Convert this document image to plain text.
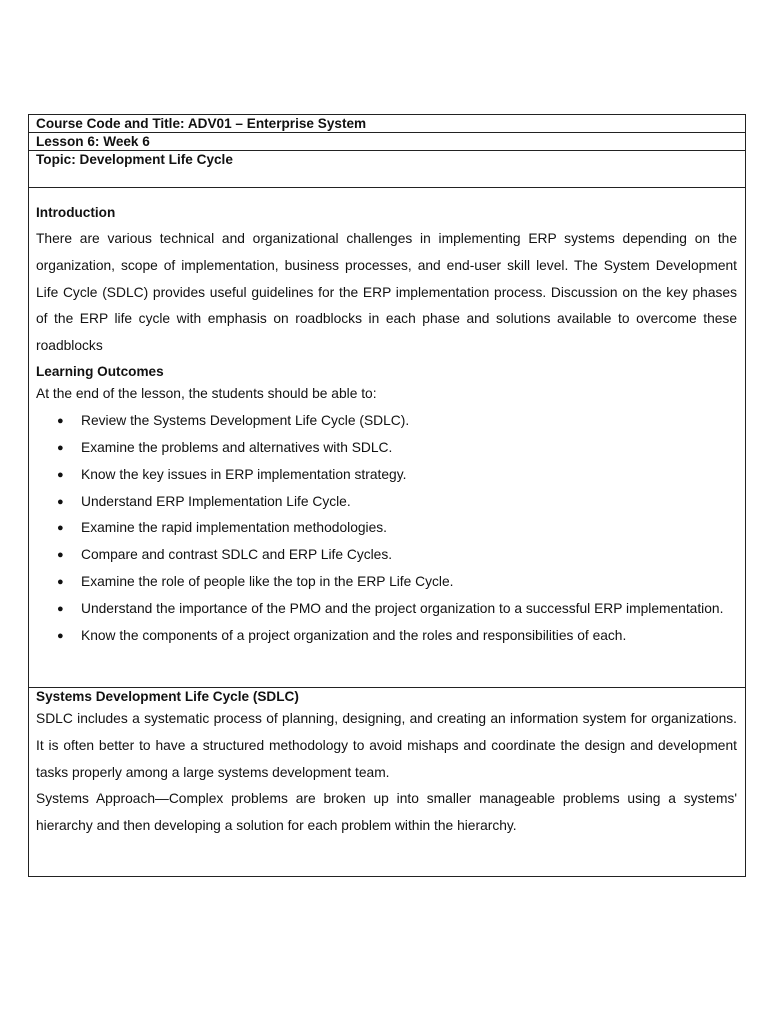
Course Code and Title: ADV01 – Enterprise System
Lesson 6: Week 6
Topic: Development Life Cycle

Introduction

There are various technical and organizational challenges in implementing ERP systems depending on the organization, scope of implementation, business processes, and end-user skill level. The System Development Life Cycle (SDLC) provides useful guidelines for the ERP implementation process. Discussion on the key phases of the ERP life cycle with emphasis on roadblocks in each phase and solutions available to overcome these roadblocks

Learning Outcomes

At the end of the lesson, the students should be able to:

● Review the Systems Development Life Cycle (SDLC).
● Examine the problems and alternatives with SDLC.
● Know the key issues in ERP implementation strategy.
● Understand ERP Implementation Life Cycle.
● Examine the rapid implementation methodologies.
● Compare and contrast SDLC and ERP Life Cycles.
● Examine the role of people like the top in the ERP Life Cycle.
● Understand the importance of the PMO and the project organization to a successful ERP implementation.
● Know the components of a project organization and the roles and responsibilities of each.

Systems Development Life Cycle (SDLC)

SDLC includes a systematic process of planning, designing, and creating an information system for organizations. It is often better to have a structured methodology to avoid mishaps and coordinate the design and development tasks properly among a large systems development team.

Systems Approach—Complex problems are broken up into smaller manageable problems using a systems' hierarchy and then developing a solution for each problem within the hierarchy.
